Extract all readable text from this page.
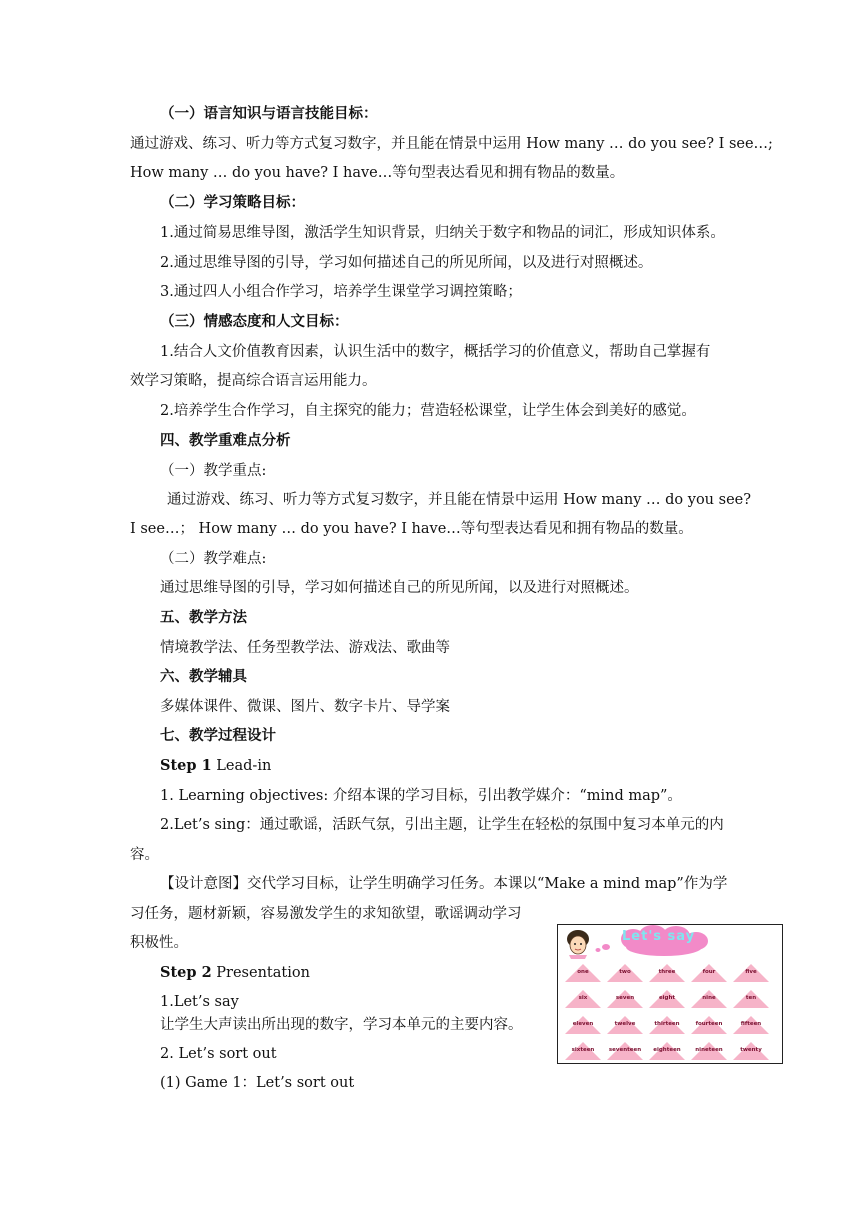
（一）语言知识与语言技能目标：
通过游戏、练习、听力等方式复习数字，并且能在情景中运用 How many … do you see? I see…;
How many … do you have? I have…等句型表达看见和拥有物品的数量。
（二）学习策略目标：
1.通过简易思维导图，激活学生知识背景，归纳关于数字和物品的词汇，形成知识体系。
2.通过思维导图的引导，学习如何描述自己的所见所闻，以及进行对照概述。
3.通过四人小组合作学习，培养学生课堂学习调控策略；
（三）情感态度和人文目标：
1.结合人文价值教育因素，认识生活中的数字，概括学习的价值意义，帮助自己掌握有
效学习策略，提高综合语言运用能力。
2.培养学生合作学习，自主探究的能力；营造轻松课堂，让学生体会到美好的感觉。
四、教学重难点分析
（一）教学重点:
通过游戏、练习、听力等方式复习数字，并且能在情景中运用 How many … do you see?
I see…； How many … do you have? I have…等句型表达看见和拥有物品的数量。
（二）教学难点:
通过思维导图的引导，学习如何描述自己的所见所闻，以及进行对照概述。
五、教学方法
情境教学法、任务型教学法、游戏法、歌曲等
六、教学辅具
多媒体课件、微课、图片、数字卡片、导学案
七、教学过程设计
Step 1 Lead-in
1. Learning objectives: 介绍本课的学习目标，引出教学媒介：“mind map”。
2.Let’s sing：通过歌谣，活跃气氛，引出主题，让学生在轻松的氛围中复习本单元的内
容。
【设计意图】交代学习目标，让学生明确学习任务。本课以“Make a mind map”作为学
习任务，题材新颖，容易激发学生的求知欲望，歌谣调动学习
积极性。
Step 2 Presentation
1.Let’s say
让学生大声读出所出现的数字，学习本单元的主要内容。
2. Let’s sort out
(1) Game 1：Let’s sort out
Let's say
one	two	three	four	five
six	seven	eight	nine	ten
eleven	twelve	thirteen	fourteen	fifteen
sixteen	seventeen	eighteen	nineteen	twenty
